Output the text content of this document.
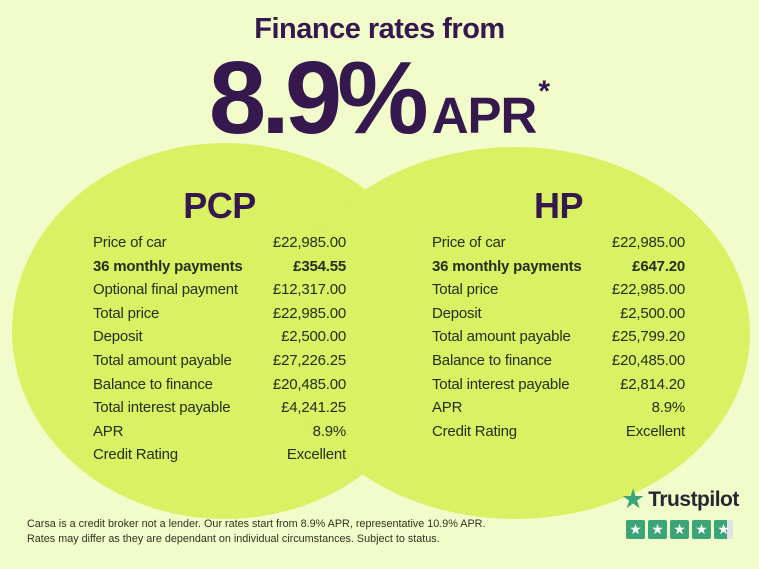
Finance rates from
8.9% APR *
PCP
Price of car	£22,985.00
36 monthly payments	£354.55
Optional final payment £12,317.00
Total price	£22,985.00
Deposit	£2,500.00
Total amount payable	£27,226.25
Balance to finance	£20,485.00
Total interest payable	£4,241.25
APR	8.9%
Credit Rating	Excellent
HP
Price of car	£22,985.00
36 monthly payments	£647.20
Total price	£22,985.00
Deposit	£2,500.00
Total amount payable	£25,799.20
Balance to finance	£20,485.00
Total interest payable	£2,814.20
APR	8.9%
Credit Rating	Excellent
Carsa is a credit broker not a lender. Our rates start from 8.9% APR, representative 10.9% APR.
Rates may differ as they are dependant on individual circumstances. Subject to status.
★ Trustpilot
★ ★ ★ ★ ★
